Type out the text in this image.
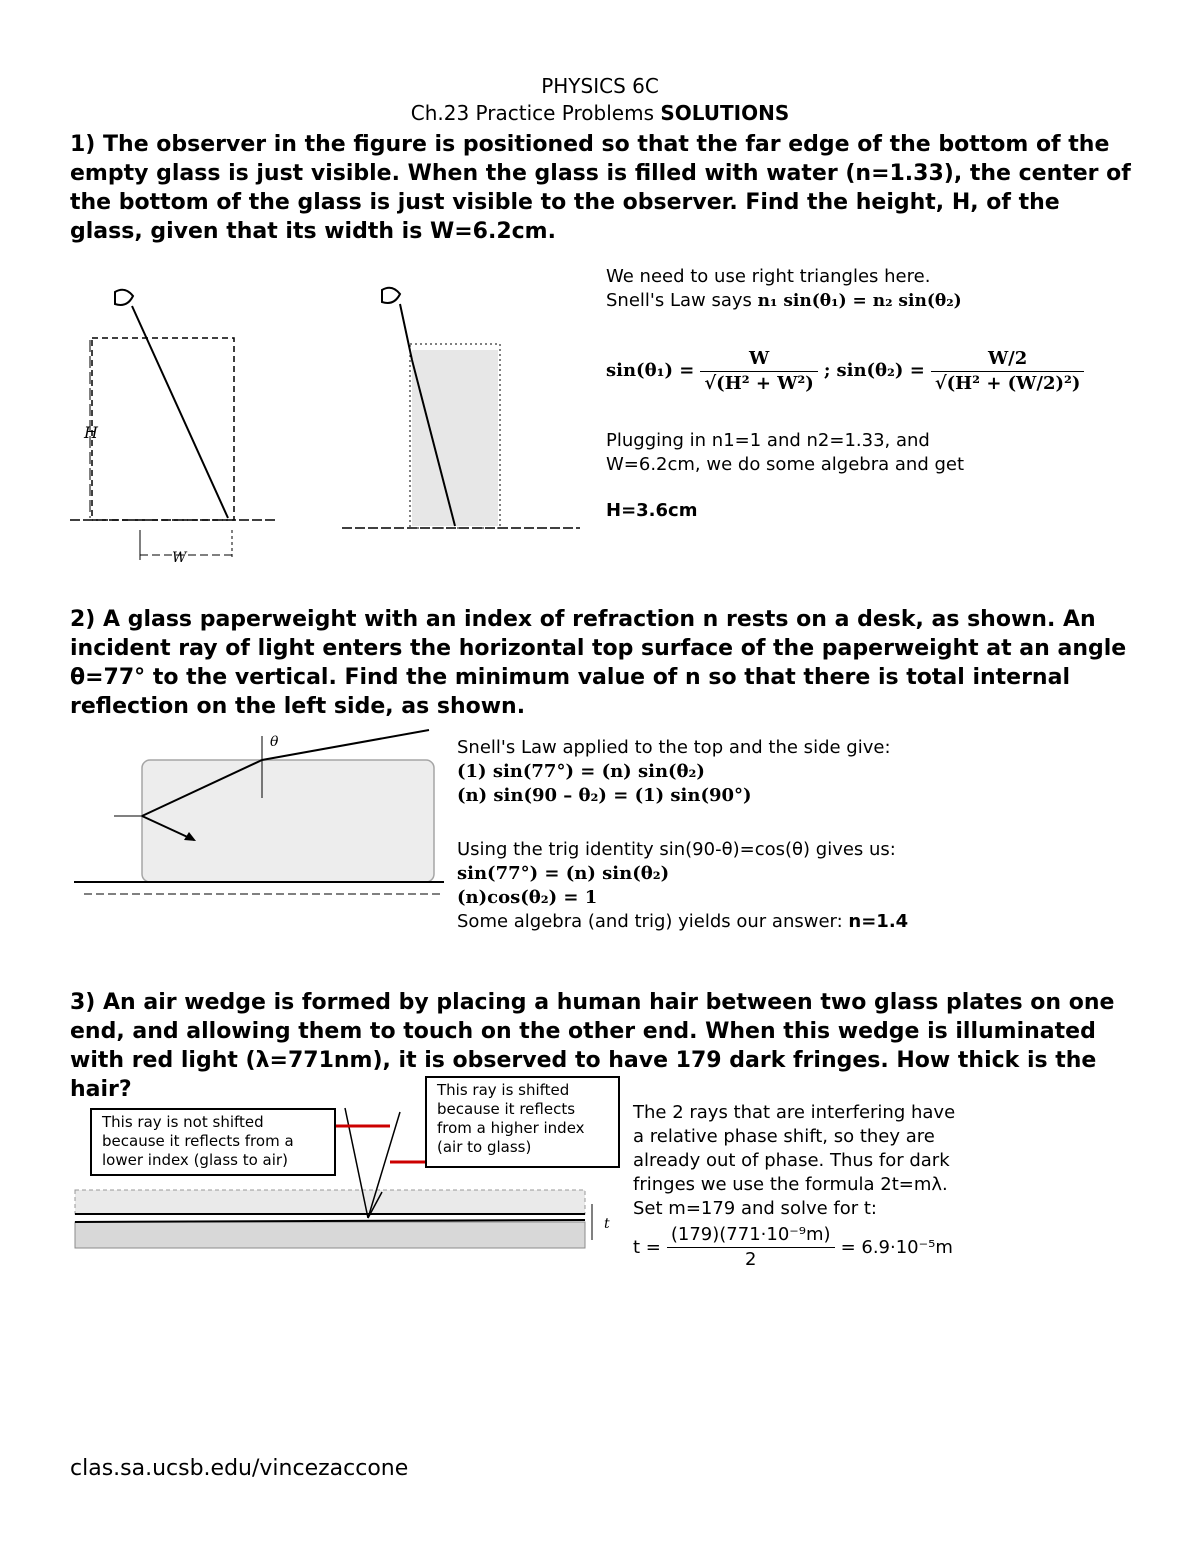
PHYSICS 6C
Ch.23 Practice Problems SOLUTIONS
1) The observer in the figure is positioned so that the far edge of the bottom of the empty glass is just visible. When the glass is filled with water (n=1.33), the center of the bottom of the glass is just visible to the observer. Find the height, H, of the glass, given that its width is W=6.2cm.
H
W
We need to use right triangles here.
Snell's Law says n₁ sin(θ₁) = n₂ sin(θ₂)
$\sin(\theta_1) = \frac{W}{\text{√(H² + W²)}}$ ; $\sin(\theta_2) = \frac{W/2}{\text{√(H² + (W/2)²)}}$
Plugging in n1=1 and n2=1.33, and
W=6.2cm, we do some algebra and get
H=3.6cm
2) A glass paperweight with an index of refraction n rests on a desk, as shown. An incident ray of light enters the horizontal top surface of the paperweight at an angle θ=77° to the vertical. Find the minimum value of n so that there is total internal reflection on the left side, as shown.
θ	Snell's Law applied to the top and the side give:
(1) sin(77°) = (n) sin(θ₂)
(n) sin(90 – θ₂) = (1) sin(90°)
Using the trig identity sin(90-θ)=cos(θ) gives us:
sin(77°) = (n) sin(θ₂)
(n)cos(θ₂) = 1
Some algebra (and trig) yields our answer: n=1.4
3) An air wedge is formed by placing a human hair between two glass plates on one end, and allowing them to touch on the other end. When this wedge is illuminated with red light (λ=771nm), it is observed to have 179 dark fringes. How thick is the hair?
t
This ray is not shifted because it reflects from a lower index (glass to air)
This ray is shifted because it reflects from a higher index (air to glass)
The 2 rays that are interfering have
a relative phase shift, so they are
already out of phase. Thus for dark
fringes we use the formula 2t=mλ.
Set m=179 and solve for t:
$t = \frac{\text{(179)(771·10⁻⁹m)}}{2} = 6.9\cdot 10^{-5}m$
clas.sa.ucsb.edu/vincezaccone
